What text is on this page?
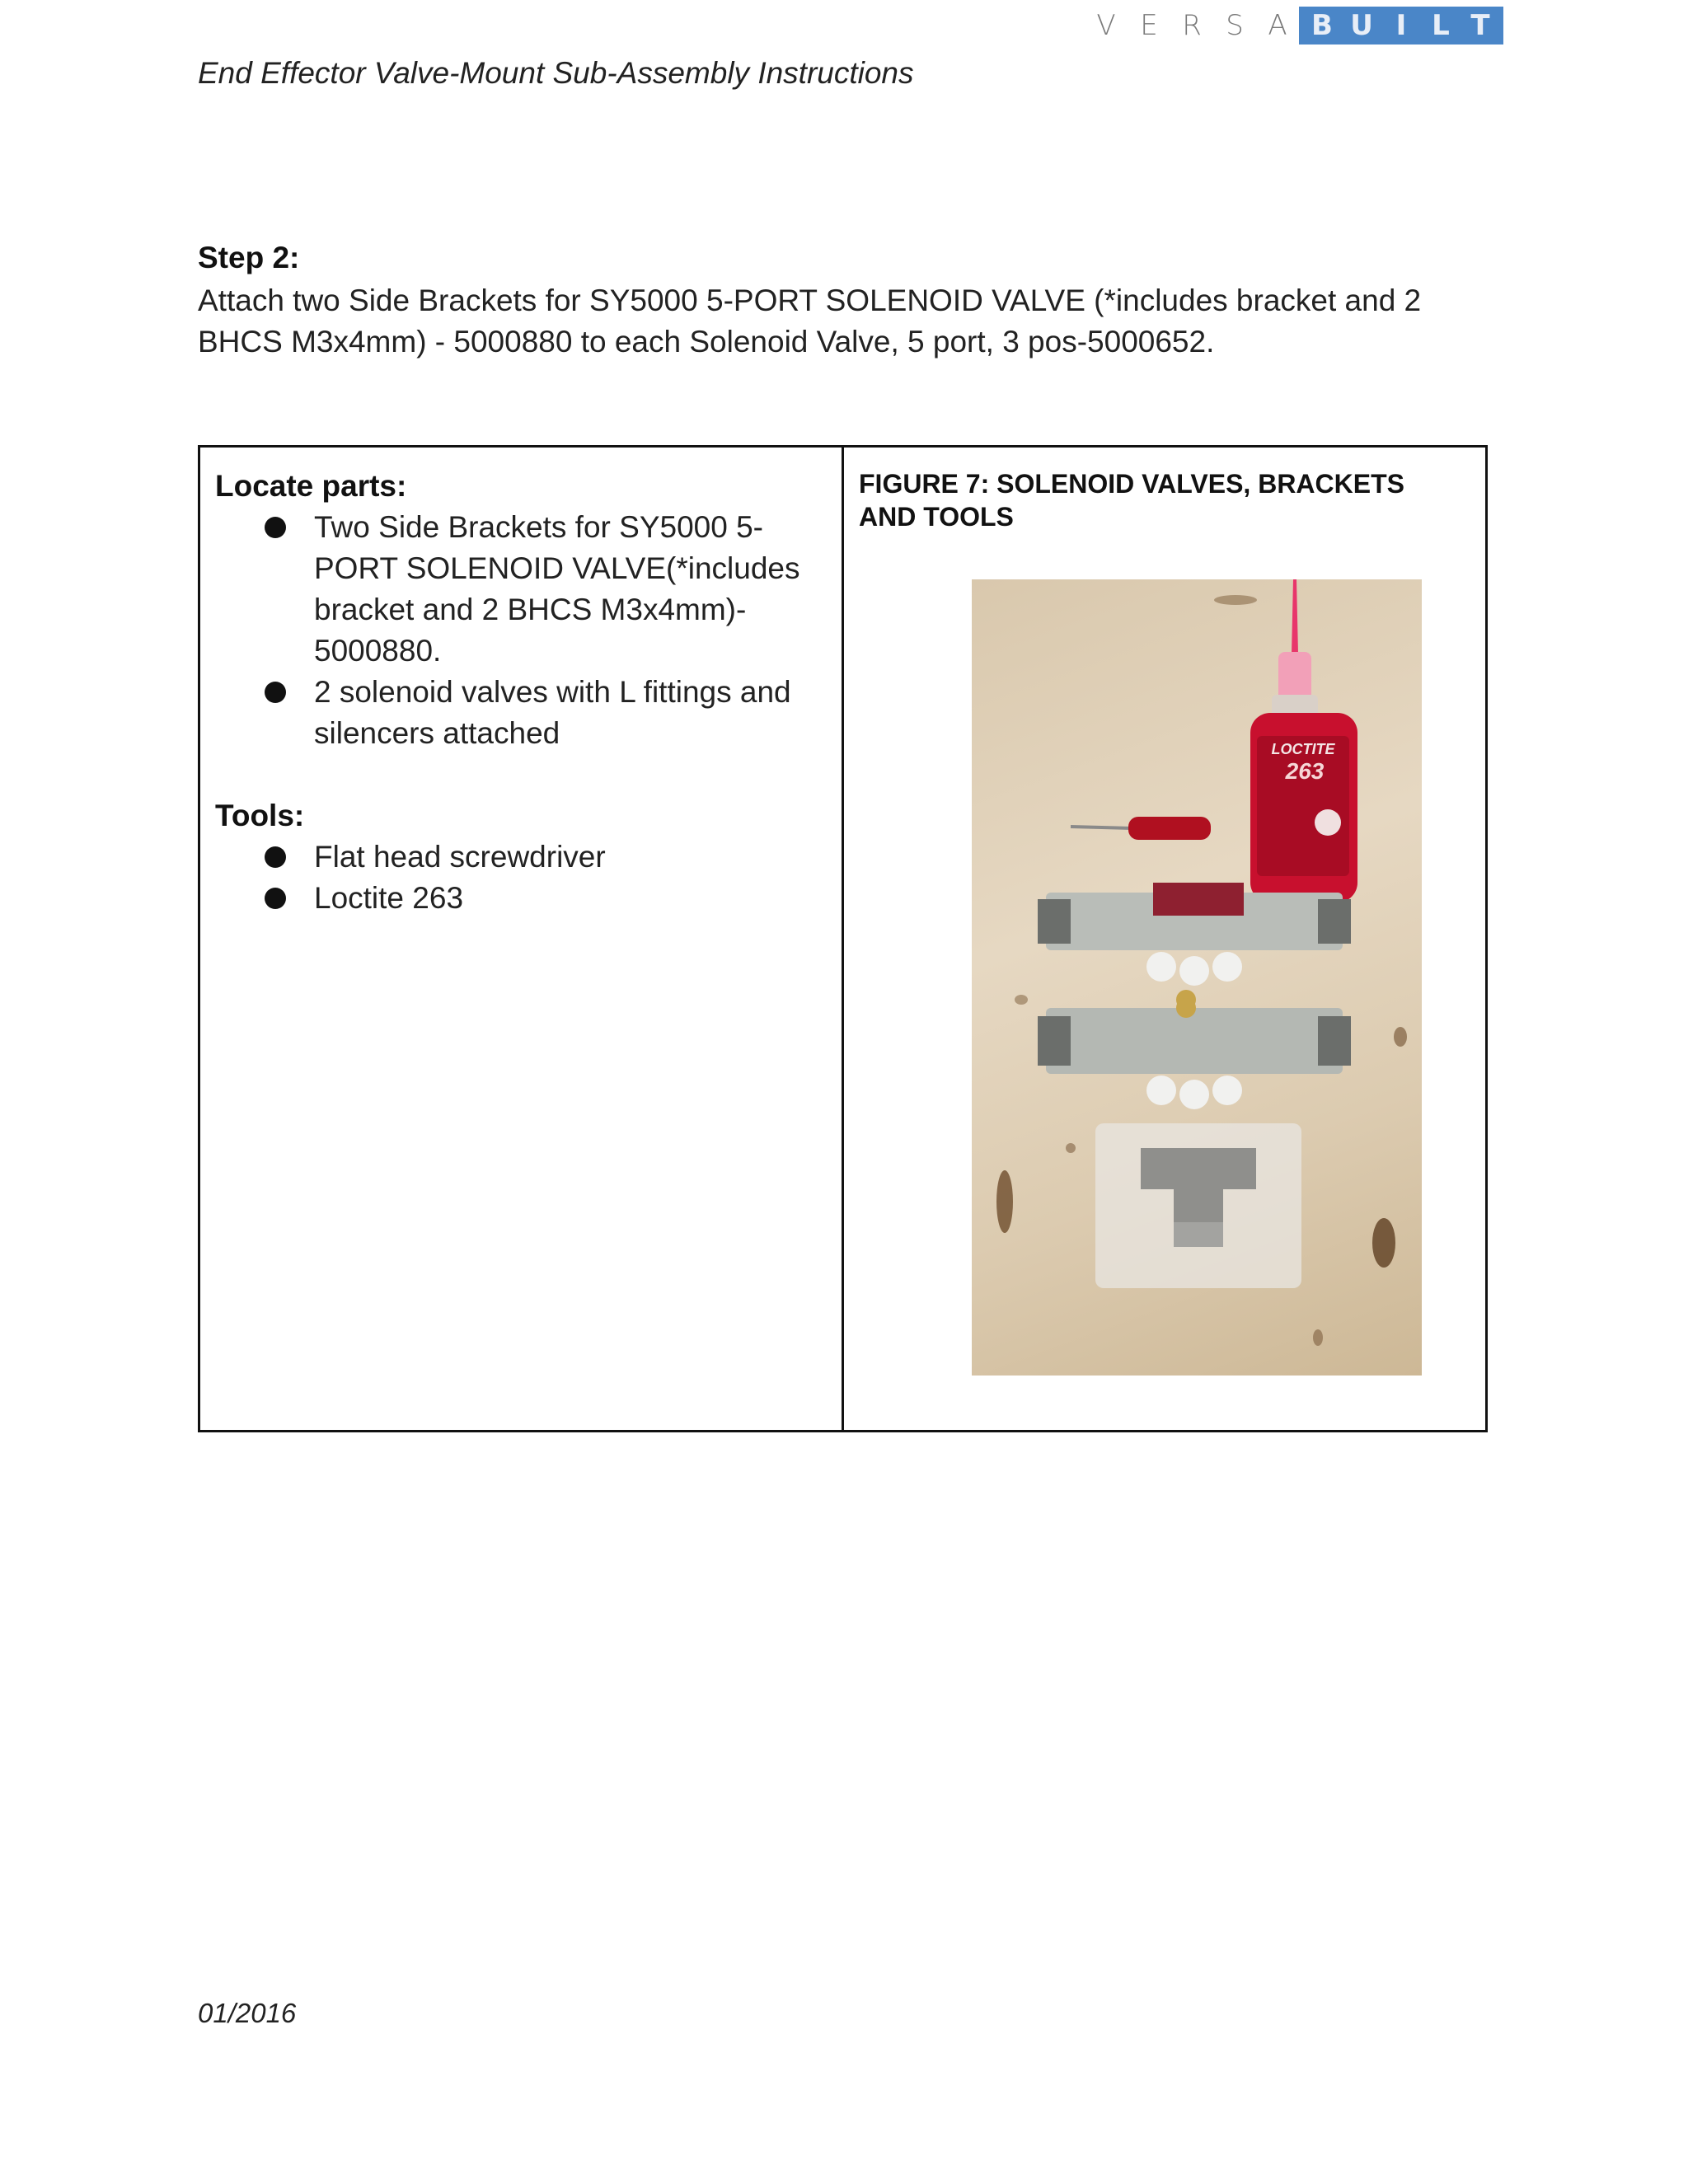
V E R S A B U I L T
End Effector Valve-Mount Sub-Assembly Instructions
Step 2:
Attach two Side Brackets for SY5000 5-PORT SOLENOID VALVE (*includes bracket and 2 BHCS M3x4mm) - 5000880 to each Solenoid Valve, 5 port, 3 pos-5000652.

Locate parts:

Two Side Brackets for SY5000 5-PORT SOLENOID VALVE(*includes bracket and 2 BHCS M3x4mm)- 5000880.
2 solenoid valves with L fittings and silencers attached

Tools:

Flat head screwdriver
Loctite 263

FIGURE 7: SOLENOID VALVES, BRACKETS AND TOOLS

LOCTITE
263
01/2016
